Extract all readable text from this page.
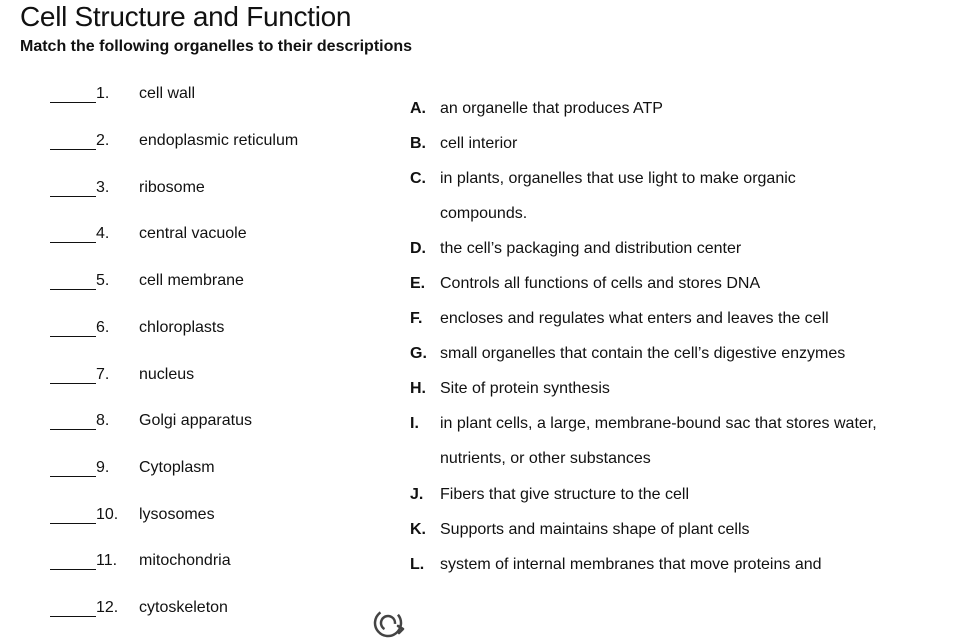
Cell Structure and Function
Match the following organelles to their descriptions
1. cell wall
2. endoplasmic reticulum
3. ribosome
4. central vacuole
5. cell membrane
6. chloroplasts
7. nucleus
8. Golgi apparatus
9. Cytoplasm
10. lysosomes
11. mitochondria
12. cytoskeleton
A. an organelle that produces ATP
B. cell interior
C. in plants, organelles that use light to make organic compounds.
D. the cell’s packaging and distribution center
E. Controls all functions of cells and stores DNA
F. encloses and regulates what enters and leaves the cell
G. small organelles that contain the cell’s digestive enzymes
H. Site of protein synthesis
I. in plant cells, a large, membrane-bound sac that stores water, nutrients, or other substances
J. Fibers that give structure to the cell
K. Supports and maintains shape of plant cells
L. system of internal membranes that move proteins and
